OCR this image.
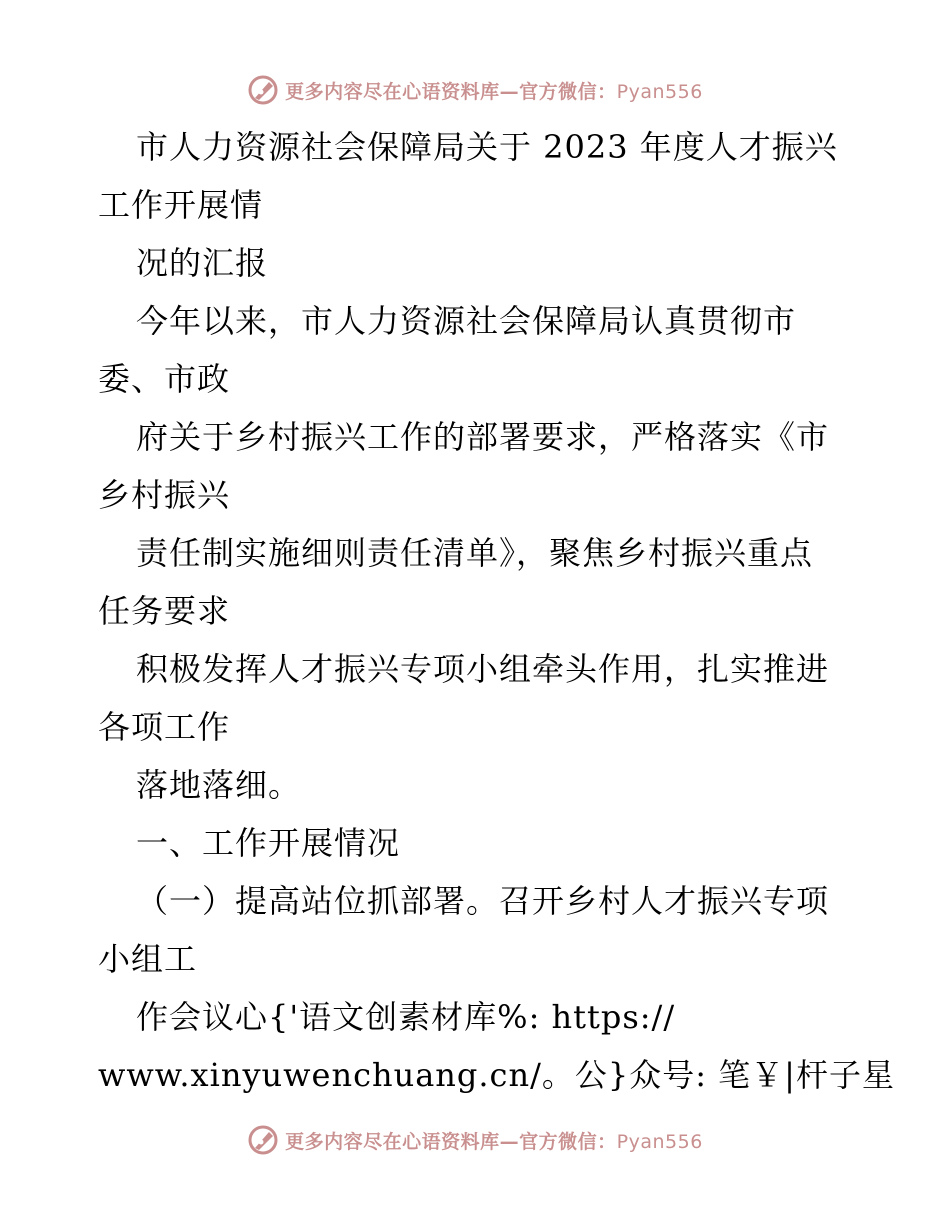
更多内容尽在心语资料库—官方微信：Pyan556
市人力资源社会保障局关于 2023 年度人才振兴
工作开展情
况的汇报
今年以来，市人力资源社会保障局认真贯彻市
委、市政
府关于乡村振兴工作的部署要求，严格落实《市
乡村振兴
责任制实施细则责任清单》，聚焦乡村振兴重点
任务要求
积极发挥人才振兴专项小组牵头作用，扎实推进
各项工作
落地落细。
一、工作开展情况
（一）提高站位抓部署。召开乡村人才振兴专项
小组工
作会议心{'语文创素材库%: https://
www.xinyuwenchuang.cn/。公}众号: 笔￥|杆子星
更多内容尽在心语资料库—官方微信：Pyan556
